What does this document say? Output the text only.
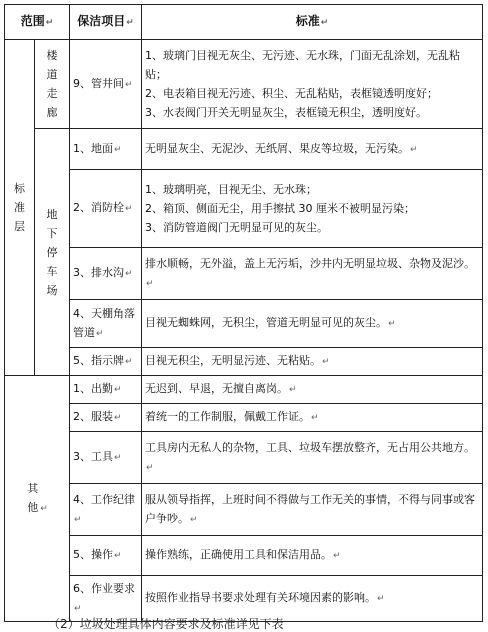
范围↵		保洁项目↵	标准↵
标准层	楼道走廊	9、管井间↵	1、玻璃门目视无灰尘、无污迹、无水珠，门面无乱涂划，无乱粘贴；
2、电表箱目视无污迹、积尘、无乱粘贴，表框镜透明度好；
3、水表阀门开关无明显灰尘，表框镜无积尘，透明度好。

	地下停车场	1、地面↵	无明显灰尘、无泥沙、无纸屑、果皮等垃圾，无污染。↵
		2、消防栓↵	1、玻璃明亮，目视无尘、无水珠；
2、箱顶、侧面无尘，用手擦拭 30 厘米不被明显污染；
3、消防管道阀门无明显可见的灰尘。

		3、排水沟↵	排水顺畅，无外溢，盖上无污垢，沙井内无明显垃圾、杂物及泥沙。↵
		4、天棚角落管道↵	目视无蜘蛛网，无积尘，管道无明显可见的灰尘。↵
		5、指示牌↵	目视无积尘，无明显污迹、无粘贴。↵
其他 ↵		1、出勤↵	无迟到、早退，无擅自离岗。↵
		2、服装↵	着统一的工作制服，佩戴工作证。↵
		3、工具↵	工具房内无私人的杂物，工具、垃圾车摆放整齐，无占用公共地方。↵
		4、工作纪律↵	服从领导指挥，上班时间不得做与工作无关的事情，不得与同事或客户争吵。↵
		5、操作↵	操作熟练，正确使用工具和保洁用品。↵
		6、作业要求↵	按照作业指导书要求处理有关环境因素的影响。↵
（2）垃圾处理具体内容要求及标准详见下表
